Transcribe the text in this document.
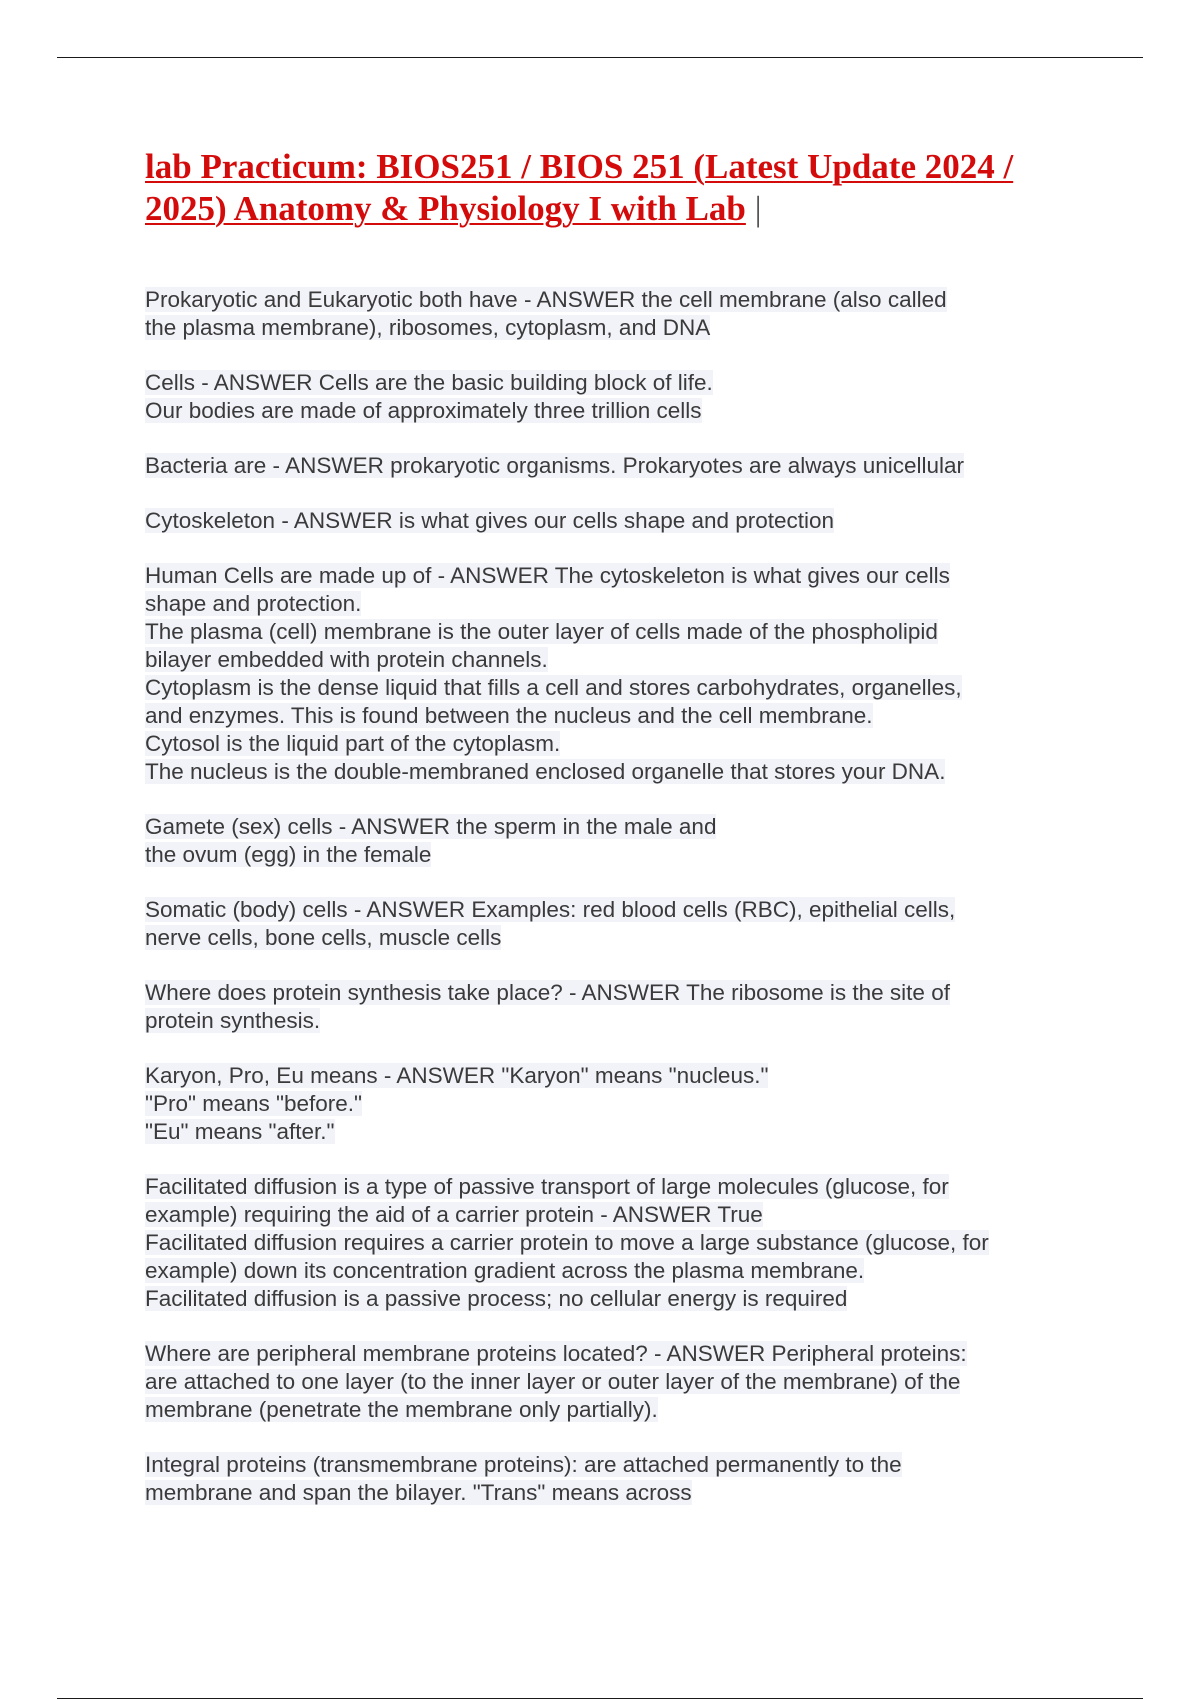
lab Practicum: BIOS251 / BIOS 251 (Latest Update 2024 / 2025) Anatomy & Physiology I with Lab |
Prokaryotic and Eukaryotic both have - ANSWER the cell membrane (also called
the plasma membrane), ribosomes, cytoplasm, and DNA
Cells - ANSWER Cells are the basic building block of life.
Our bodies are made of approximately three trillion cells
Bacteria are - ANSWER prokaryotic organisms. Prokaryotes are always unicellular
Cytoskeleton - ANSWER is what gives our cells shape and protection
Human Cells are made up of - ANSWER The cytoskeleton is what gives our cells
shape and protection.
The plasma (cell) membrane is the outer layer of cells made of the phospholipid
bilayer embedded with protein channels.
Cytoplasm is the dense liquid that fills a cell and stores carbohydrates, organelles,
and enzymes. This is found between the nucleus and the cell membrane.
Cytosol is the liquid part of the cytoplasm.
The nucleus is the double-membraned enclosed organelle that stores your DNA.
Gamete (sex) cells - ANSWER the sperm in the male and
the ovum (egg) in the female
Somatic (body) cells - ANSWER Examples: red blood cells (RBC), epithelial cells,
nerve cells, bone cells, muscle cells
Where does protein synthesis take place? - ANSWER The ribosome is the site of
protein synthesis.
Karyon, Pro, Eu means - ANSWER "Karyon" means "nucleus."
"Pro" means "before."
"Eu" means "after."
Facilitated diffusion is a type of passive transport of large molecules (glucose, for
example) requiring the aid of a carrier protein - ANSWER True
Facilitated diffusion requires a carrier protein to move a large substance (glucose, for
example) down its concentration gradient across the plasma membrane.
Facilitated diffusion is a passive process; no cellular energy is required
Where are peripheral membrane proteins located? - ANSWER Peripheral proteins:
are attached to one layer (to the inner layer or outer layer of the membrane) of the
membrane (penetrate the membrane only partially).
Integral proteins (transmembrane proteins): are attached permanently to the
membrane and span the bilayer. "Trans" means across
